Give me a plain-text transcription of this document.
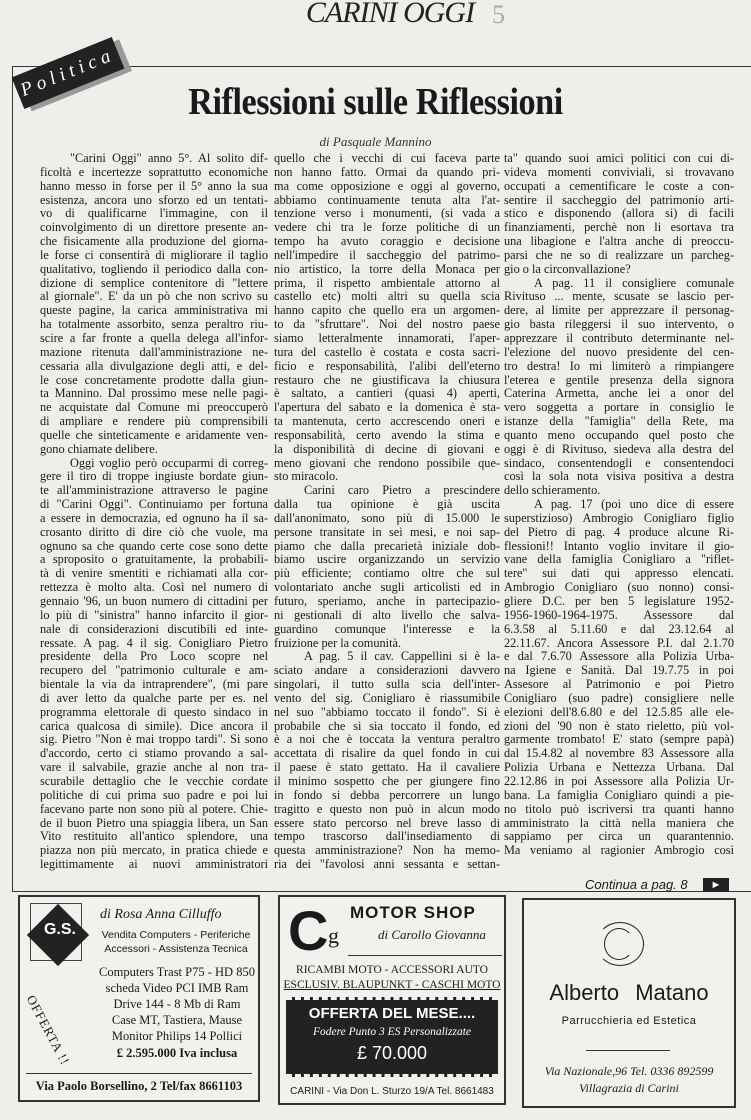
CARINI OGGI 5
Politica
Riflessioni sulle Riflessioni
di Pasquale Mannino
"Carini Oggi" anno 5°. Al solito dif-
ficoltà e incertezze soprattutto economiche
hanno messo in forse per il 5° anno la sua
esistenza, ancora uno sforzo ed un tentati-
vo di qualificarne l'immagine, con il
coinvolgimento di un direttore presente an-
che fisicamente alla produzione del giorna-
le forse ci consentirà di migliorare il taglio
qualitativo, togliendo il periodico dalla con-
dizione di semplice contenitore di "lettere
al giornale". E' da un pò che non scrivo su
queste pagine, la carica amministrativa mi
ha totalmente assorbito, senza peraltro riu-
scire a far fronte a quella delega all'infor-
mazione ritenuta dall'amministrazione ne-
cessaria alla divulgazione degli atti, e del-
le cose concretamente prodotte dalla giun-
ta Mannino. Dal prossimo mese nelle pagi-
ne acquistate dal Comune mi preoccuperò
di ampliare e rendere più comprensibili
quelle che sinteticamente e aridamente ven-
gono chiamate delibere.
Oggi voglio però occuparmi di correg-
gere il tiro di troppe ingiuste bordate giun-
te all'amministrazione attraverso le pagine
di "Carini Oggi". Continuiamo per fortuna
a essere in democrazia, ed ognuno ha il sa-
crosanto diritto di dire ciò che vuole, ma
ognuno sa che quando certe cose sono dette
a sproposito o gratuitamente, la probabili-
tà di venire smentiti e richiamati alla cor-
rettezza è molto alta. Così nel numero di
gennaio '96, un buon numero di cittadini per
lo più di "sinistra" hanno infarcito il gior-
nale di considerazioni discutibili ed inte-
ressate. A pag. 4 il sig. Conigliaro Pietro
presidente della Pro Loco scopre nel
recupero del "patrimonio culturale e am-
bientale la via da intraprendere", (mi pare
di aver letto da qualche parte per es. nel
programma elettorale di questo sindaco in
carica qualcosa di simile). Dice ancora il
sig. Pietro "Non è mai troppo tardi". Si sono
d'accordo, certo ci stiamo provando a sal-
vare il salvabile, grazie anche al non tra-
scurabile dettaglio che le vecchie cordate
politiche di cui prima suo padre e poi lui
facevano parte non sono più al potere. Chie-
de il buon Pietro una spiaggia libera, un San
Vito restituito all'antico splendore, una
piazza non più mercato, in pratica chiede e
legittimamente ai nuovi amministratori
quello che i vecchi di cui faceva parte
non hanno fatto. Ormai da quando pri-
ma come opposizione e oggi al governo,
abbiamo continuamente tenuta alta l'at-
tenzione verso i monumenti, (si vada a
vedere chi tra le forze politiche di un
tempo ha avuto coraggio e decisione
nell'impedire il saccheggio del patrimo-
nio artistico, la torre della Monaca per
prima, il rispetto ambientale attorno al
castello etc) molti altri su quella scia
hanno capito che quello era un argomen-
to da "sfruttare". Noi del nostro paese
siamo letteralmente innamorati, l'aper-
tura del castello è costata e costa sacri-
ficio e responsabilità, l'alibi dell'eterno
restauro che ne giustificava la chiusura
è saltato, a cantieri (quasi 4) aperti,
l'apertura del sabato e la domenica è sta-
ta mantenuta, certo accrescendo oneri e
responsabilità, certo avendo la stima e
la disponibilità di decine di giovani e
meno giovani che rendono possibile que-
sto miracolo.
Carini caro Pietro a prescindere
dalla tua opinione è già uscita
dall'anonimato, sono più di 15.000 le
persone transitate in sei mesi, e noi sap-
piamo che dalla precarietà iniziale dob-
biamo uscire organizzando un servizio
più efficiente; contiamo oltre che sul
volontariato anche sugli articolisti ed in
futuro, speriamo, anche in partecipazio-
ni gestionali di alto livello che salva-
guardino comunque l'interesse e la
fruizione per la comunità.
A pag. 5 il cav. Cappellini si è la-
sciato andare a considerazioni davvero
singolari, il tutto sulla scia dell'inter-
vento del sig. Conigliaro è riassumibile
nel suo "abbiamo toccato il fondo". Si è
probabile che si sia toccato il fondo, ed
è a noi che è toccata la ventura peraltro
accettata di risalire da quel fondo in cui
il paese è stato gettato. Ha il cavaliere
il minimo sospetto che per giungere fino
in fondo si debba percorrere un lungo
tragitto e questo non può in alcun modo
essere stato percorso nel breve lasso di
tempo trascorso dall'insediamento di
questa amministrazione? Non ha memo-
ria dei "favolosi anni sessanta e settan-
ta" quando suoi amici politici con cui di-
videva momenti conviviali, si trovavano
occupati a cementificare le coste a con-
sentire il saccheggio del patrimonio arti-
stico e disponendo (allora si) di facili
finanziamenti, perchè non li esortava tra
una libagione e l'altra anche di preoccu-
parsi che ne so di realizzare un parcheg-
gio o la circonvallazione?
A pag. 11 il consigliere comunale
Rivituso ... mente, scusate se lascio per-
dere, al limite per apprezzare il personag-
gio basta rileggersi il suo intervento, o
apprezzare il contributo determinante nel-
l'elezione del nuovo presidente del cen-
tro destra! Io mi limiterò a rimpiangere
l'eterea e gentile presenza della signora
Caterina Armetta, anche lei a onor del
vero soggetta a portare in consiglio le
istanze della "famiglia" della Rete, ma
quanto meno occupando quel posto che
oggi è di Rivituso, siedeva alla destra del
sindaco, consentendogli e consentendoci
così la sola nota visiva positiva a destra
dello schieramento.
A pag. 17 (poi uno dice di essere
superstizioso) Ambrogio Conigliaro figlio
del Pietro di pag. 4 produce alcune Ri-
flessioni!! Intanto voglio invitare il gio-
vane della famiglia Conigliaro a "riflet-
tere" sui dati qui appresso elencati.
Ambrogio Conigliaro (suo nonno) consi-
gliere D.C. per ben 5 legislature 1952-
1956-1960-1964-1975. Assessore dal
6.3.58 al 5.11.60 e dal 23.12.64 al
22.11.67. Ancora Assessore P.I. dal 2.1.70
e dal 7.6.70 Assessore alla Polizia Urba-
na Igiene e Sanità. Dal 19.7.75 in poi
Assesore al Patrimonio e poi Pietro
Conigliaro (suo padre) consigliere nelle
elezioni dell'8.6.80 e del 12.5.85 alle ele-
zioni del '90 non è stato rieletto, più vol-
garmente trombato! E' stato (sempre papà)
dal 15.4.82 al novembre 83 Assessore alla
Polizia Urbana e Nettezza Urbana. Dal
22.12.86 in poi Assessore alla Polizia Ur-
bana. La famiglia Conigliaro quindi a pie-
no titolo può iscriversi tra quanti hanno
amministrato la città nella maniera che
sappiamo per circa un quarantennio.
Ma veniamo al ragionier Ambrogio così
Continua a pag. 8	►
G.S.
di Rosa Anna Cilluffo
Vendita Computers - Periferiche
Accessori - Assistenza Tecnica
OFFERTA !!
Computers Trast P75 - HD 850
scheda Video PCI IMB Ram
Drive 144 - 8 Mb di Ram
Case MT, Tastiera, Mause
Monitor Philips 14 Pollici
£ 2.595.000 Iva inclusa
Via Paolo Borsellino, 2 Tel/fax 8661103
C g
MOTOR SHOP
di Carollo Giovanna
RICAMBI MOTO - ACCESSORI AUTO
ESCLUSIV. BLAUPUNKT - CASCHI MOTO
OFFERTA DEL MESE....
Fodere Punto 3 ES Personalizzate
£ 70.000
CARINI - Via Don L. Sturzo 19/A Tel. 8661483
Alberto Matano
Parrucchieria ed Estetica
Via Nazionale,96 Tel. 0336 892599
Villagrazia di Carini
